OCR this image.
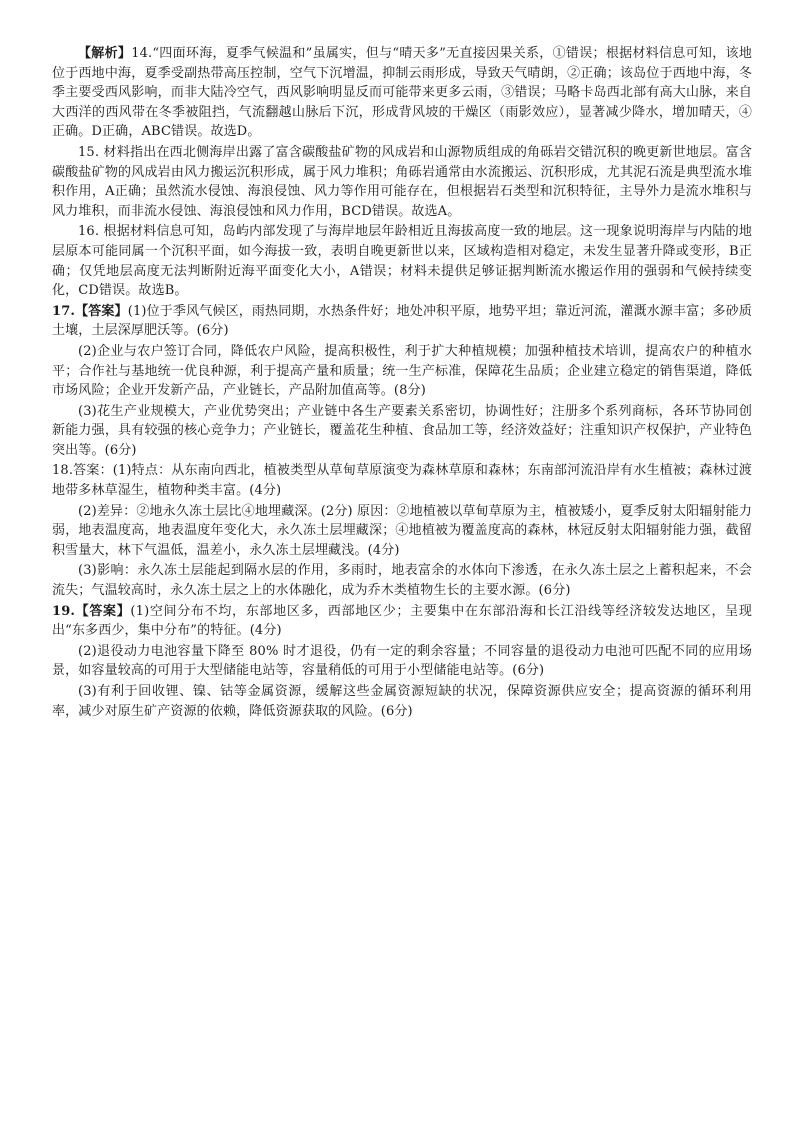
【解析】14.“四面环海，夏季气候温和”虽属实，但与“晴天多”无直接因果关系，①错误；根据材料信息可知，该地位于西地中海，夏季受副热带高压控制，空气下沉增温，抑制云雨形成，导致天气晴朗，②正确；该岛位于西地中海，冬季主要受西风影响，而非大陆冷空气，西风影响明显反而可能带来更多云雨，③错误；马略卡岛西北部有高大山脉，来自大西洋的西风带在冬季被阻挡，气流翻越山脉后下沉，形成背风坡的干燥区（雨影效应），显著减少降水，增加晴天，④正确。D正确，ABC错误。故选D。

15. 材料指出在西北侧海岸出露了富含碳酸盐矿物的风成岩和山源物质组成的角砾岩交错沉积的晚更新世地层。富含碳酸盐矿物的风成岩由风力搬运沉积形成，属于风力堆积；角砾岩通常由水流搬运、沉积形成，尤其泥石流是典型流水堆积作用，A正确；虽然流水侵蚀、海浪侵蚀、风力等作用可能存在，但根据岩石类型和沉积特征，主导外力是流水堆积与风力堆积，而非流水侵蚀、海浪侵蚀和风力作用，BCD错误。故选A。

16. 根据材料信息可知，岛屿内部发现了与海岸地层年龄相近且海拔高度一致的地层。这一现象说明海岸与内陆的地层原本可能同属一个沉积平面，如今海拔一致，表明自晚更新世以来，区域构造相对稳定，未发生显著升降或变形，B正确；仅凭地层高度无法判断附近海平面变化大小，A错误；材料未提供足够证据判断流水搬运作用的强弱和气候持续变化，CD错误。故选B。

17.【答案】(1)位于季风气候区，雨热同期，水热条件好；地处冲积平原，地势平坦；靠近河流，灌溉水源丰富；多砂质土壤，土层深厚肥沃等。(6分)

(2)企业与农户签订合同，降低农户风险，提高积极性，利于扩大种植规模；加强种植技术培训，提高农户的种植水平；合作社与基地统一优良种源，利于提高产量和质量；统一生产标准，保障花生品质；企业建立稳定的销售渠道，降低市场风险；企业开发新产品，产业链长，产品附加值高等。(8分)

(3)花生产业规模大，产业优势突出；产业链中各生产要素关系密切，协调性好；注册多个系列商标，各环节协同创新能力强，具有较强的核心竞争力；产业链长，覆盖花生种植、食品加工等，经济效益好；注重知识产权保护，产业特色突出等。(6分)

18.答案：(1)特点：从东南向西北，植被类型从草甸草原演变为森林草原和森林；东南部河流沿岸有水生植被；森林过渡地带多林草湿生，植物种类丰富。(4分)

(2)差异：②地永久冻土层比④地埋藏深。(2分) 原因：②地植被以草甸草原为主，植被矮小，夏季反射太阳辐射能力弱，地表温度高，地表温度年变化大，永久冻土层埋藏深；④地植被为覆盖度高的森林，林冠反射太阳辐射能力强，截留积雪量大，林下气温低，温差小，永久冻土层埋藏浅。(4分)

(3)影响：永久冻土层能起到隔水层的作用，多雨时，地表富余的水体向下渗透，在永久冻土层之上蓄积起来，不会流失；气温较高时，永久冻土层之上的水体融化，成为乔木类植物生长的主要水源。(6分)

19.【答案】(1)空间分布不均，东部地区多，西部地区少；主要集中在东部沿海和长江沿线等经济较发达地区，呈现出“东多西少，集中分布”的特征。(4分)

(2)退役动力电池容量下降至 80% 时才退役，仍有一定的剩余容量；不同容量的退役动力电池可匹配不同的应用场景，如容量较高的可用于大型储能电站等，容量稍低的可用于小型储能电站等。(6分)

(3)有利于回收锂、镍、钴等金属资源，缓解这些金属资源短缺的状况，保障资源供应安全；提高资源的循环利用率，减少对原生矿产资源的依赖，降低资源获取的风险。(6分)
